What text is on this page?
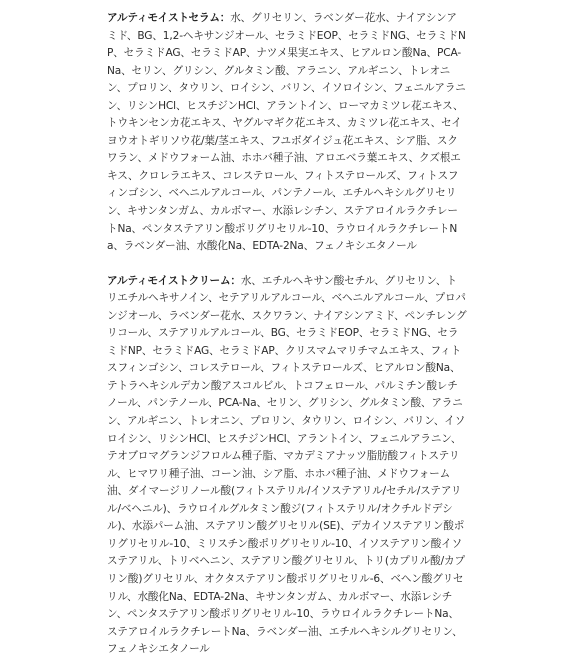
アルティモイストセラム：水、グリセリン、ラベンダー花水、ナイアシンアミド、BG、1,2-ヘキサンジオール、セラミドEOP、セラミドNG、セラミドNP、セラミドAG、セラミドAP、ナツメ果実エキス、ヒアルロン酸Na、PCA-Na、セリン、グリシン、グルタミン酸、アラニン、アルギニン、トレオニン、プロリン、タウリン、ロイシン、バリン、イソロイシン、フェニルアラニン、リシンHCl、ヒスチジンHCl、アラントイン、ローマカミツレ花エキス、トウキンセンカ花エキス、ヤグルマギク花エキス、カミツレ花エキス、セイヨウオトギリソウ花/葉/茎エキス、フユボダイジュ花エキス、シア脂、スクワラン、メドウフォーム油、ホホバ種子油、アロエベラ葉エキス、クズ根エキス、クロレラエキス、コレステロール、フィトステロールズ、フィトスフィンゴシン、ベヘニルアルコール、パンテノール、エチルヘキシルグリセリン、キサンタンガム、カルボマー、水添レシチン、ステアロイルラクチレートNa、ペンタステアリン酸ポリグリセリル-10、ラウロイルラクチレートNa、ラベンダー油、水酸化Na、EDTA-2Na、フェノキシエタノール

アルティモイストクリーム：水、エチルヘキサン酸セチル、グリセリン、トリエチルヘキサノイン、セテアリルアルコール、ベヘニルアルコール、プロパンジオール、ラベンダー花水、スクワラン、ナイアシンアミド、ペンチレングリコール、ステアリルアルコール、BG、セラミドEOP、セラミドNG、セラミドNP、セラミドAG、セラミドAP、クリスマムマリチマムエキス、フィトスフィンゴシン、コレステロール、フィトステロールズ、ヒアルロン酸Na、テトラヘキシルデカン酸アスコルビル、トコフェロール、パルミチン酸レチノール、パンテノール、PCA-Na、セリン、グリシン、グルタミン酸、アラニン、アルギニン、トレオニン、プロリン、タウリン、ロイシン、バリン、イソロイシン、リシンHCl、ヒスチジンHCl、アラントイン、フェニルアラニン、テオブロマグランジフロルム種子脂、マカデミアナッツ脂肪酸フィトステリル、ヒマワリ種子油、コーン油、シア脂、ホホバ種子油、メドウフォーム油、ダイマージリノール酸(フィトステリル/イソステアリル/セチル/ステアリル/ベヘニル)、ラウロイルグルタミン酸ジ(フィトステリル/オクチルドデシル)、水添パーム油、ステアリン酸グリセリル(SE)、デカイソステアリン酸ポリグリセリル-10、ミリスチン酸ポリグリセリル-10、イソステアリン酸イソステアリル、トリベヘニン、ステアリン酸グリセリル、トリ(カプリル酸/カプリン酸)グリセリル、オクタステアリン酸ポリグリセリル-6、ベヘン酸グリセリル、水酸化Na、EDTA-2Na、キサンタンガム、カルボマー、水添レシチン、ペンタステアリン酸ポリグリセリル-10、ラウロイルラクチレートNa、ステアロイルラクチレートNa、ラベンダー油、エチルヘキシルグリセリン、フェノキシエタノール
